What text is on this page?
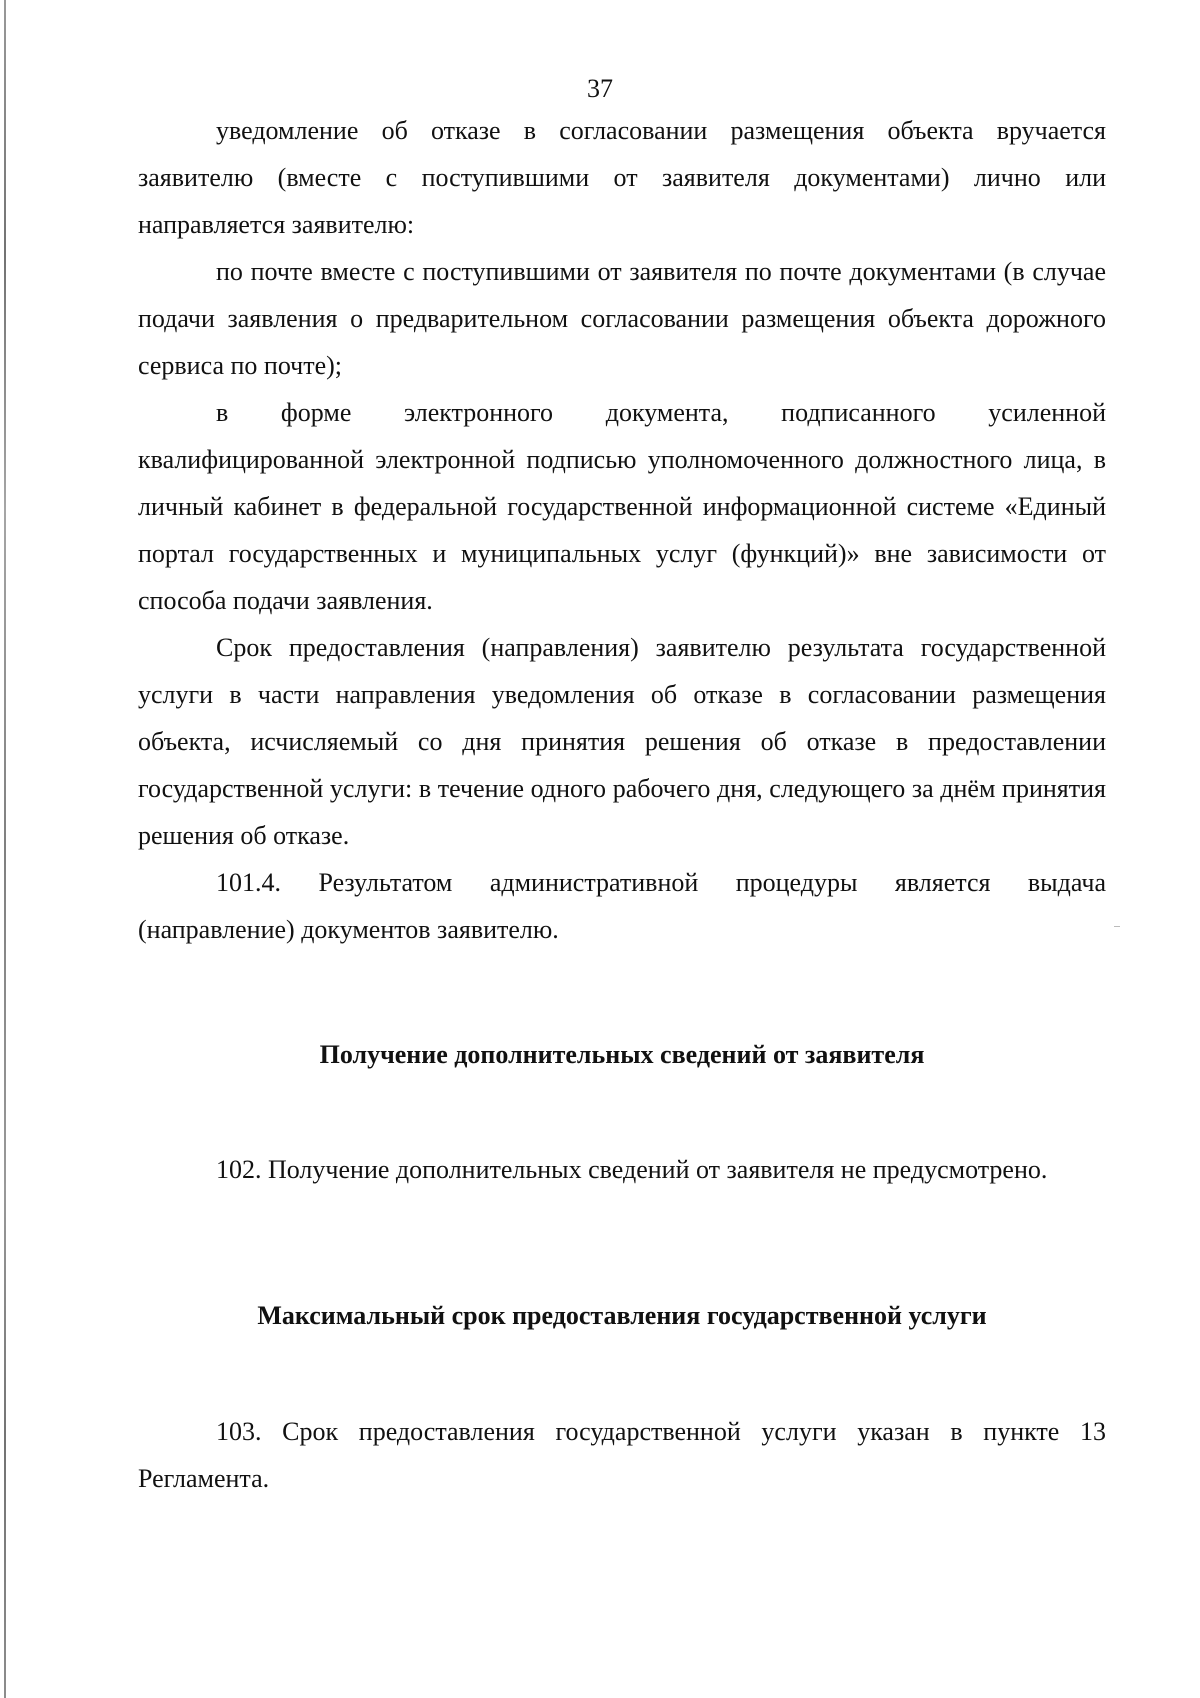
37

уведомление об отказе в согласовании размещения объекта вручается заявителю (вместе с поступившими от заявителя документами) лично или направляется заявителю:

по почте вместе с поступившими от заявителя по почте документами (в случае подачи заявления о предварительном согласовании размещения объекта дорожного сервиса по почте);

в форме электронного документа, подписанного усиленной квалифицированной электронной подписью уполномоченного должностного лица, в личный кабинет в федеральной государственной информационной системе «Единый портал государственных и муниципальных услуг (функций)» вне зависимости от способа подачи заявления.

Срок предоставления (направления) заявителю результата государственной услуги в части направления уведомления об отказе в согласовании размещения объекта, исчисляемый со дня принятия решения об отказе в предоставлении государственной услуги: в течение одного рабочего дня, следующего за днём принятия решения об отказе.

101.4. Результатом административной процедуры является выдача (направление) документов заявителю.

Получение дополнительных сведений от заявителя

102. Получение дополнительных сведений от заявителя не предусмотрено.

Максимальный срок предоставления государственной услуги

103. Срок предоставления государственной услуги указан в пункте 13 Регламента.
